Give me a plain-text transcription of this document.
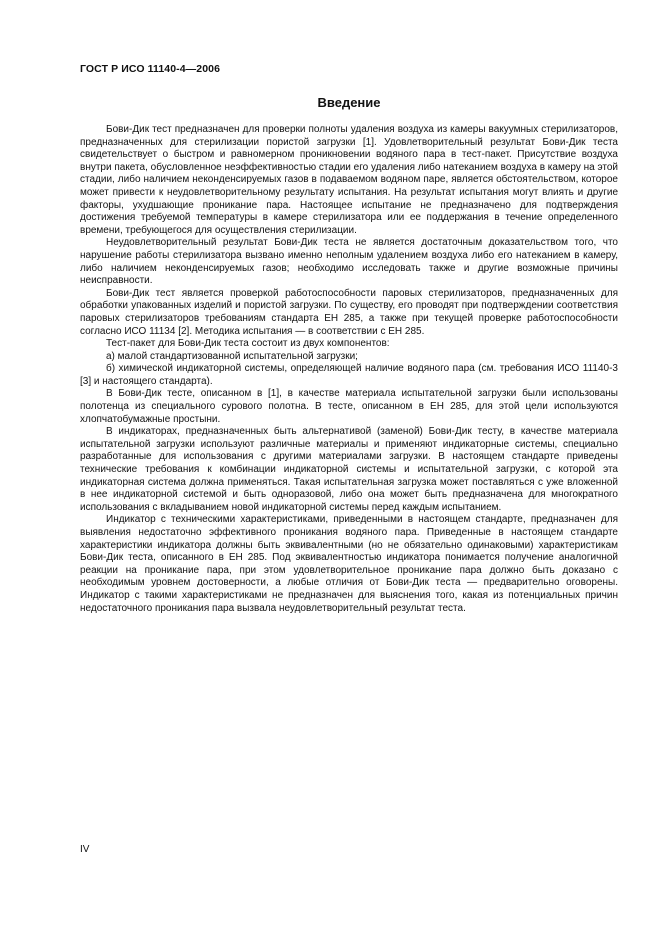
ГОСТ Р ИСО 11140-4—2006
Введение

Бови-Дик тест предназначен для проверки полноты удаления воздуха из камеры вакуумных стерилизаторов, предназначенных для стерилизации пористой загрузки [1]. Удовлетворительный результат Бови-Дик теста свидетельствует о быстром и равномерном проникновении водяного пара в тест-пакет. Присутствие воздуха внутри пакета, обусловленное неэффективностью стадии его удаления либо натеканием воздуха в камеру на этой стадии, либо наличием неконденсируемых газов в подаваемом водяном паре, является обстоятельством, которое может привести к неудовлетворительному результату испытания. На результат испытания могут влиять и другие факторы, ухудшающие проникание пара. Настоящее испытание не предназначено для подтверждения достижения требуемой температуры в камере стерилизатора или ее поддержания в течение определенного времени, требующегося для осуществления стерилизации.

Неудовлетворительный результат Бови-Дик теста не является достаточным доказательством того, что нарушение работы стерилизатора вызвано именно неполным удалением воздуха либо его натеканием в камеру, либо наличием неконденсируемых газов; необходимо исследовать также и другие возможные причины неисправности.

Бови-Дик тест является проверкой работоспособности паровых стерилизаторов, предназначенных для обработки упакованных изделий и пористой загрузки. По существу, его проводят при подтверждении соответствия паровых стерилизаторов требованиям стандарта ЕН 285, а также при текущей проверке работоспособности согласно ИСО 11134 [2]. Методика испытания — в соответствии с ЕН 285.

Тест-пакет для Бови-Дик теста состоит из двух компонентов:

а) малой стандартизованной испытательной загрузки;

б) химической индикаторной системы, определяющей наличие водяного пара (см. требования ИСО 11140-3 [3] и настоящего стандарта).

В Бови-Дик тесте, описанном в [1], в качестве материала испытательной загрузки были использованы полотенца из специального сурового полотна. В тесте, описанном в ЕН 285, для этой цели используются хлопчатобумажные простыни.

В индикаторах, предназначенных быть альтернативой (заменой) Бови-Дик тесту, в качестве материала испытательной загрузки используют различные материалы и применяют индикаторные системы, специально разработанные для использования с другими материалами загрузки. В настоящем стандарте приведены технические требования к комбинации индикаторной системы и испытательной загрузки, с которой эта индикаторная система должна применяться. Такая испытательная загрузка может поставляться с уже вложенной в нее индикаторной системой и быть одноразовой, либо она может быть предназначена для многократного использования с вкладыванием новой индикаторной системы перед каждым испытанием.

Индикатор с техническими характеристиками, приведенными в настоящем стандарте, предназначен для выявления недостаточно эффективного проникания водяного пара. Приведенные в настоящем стандарте характеристики индикатора должны быть эквивалентными (но не обязательно одинаковыми) характеристикам Бови-Дик теста, описанного в ЕН 285. Под эквивалентностью индикатора понимается получение аналогичной реакции на проникание пара, при этом удовлетворительное проникание пара должно быть доказано с необходимым уровнем достоверности, а любые отличия от Бови-Дик теста — предварительно оговорены. Индикатор с такими характеристиками не предназначен для выяснения того, какая из потенциальных причин недостаточного проникания пара вызвала неудовлетворительный результат теста.

IV
